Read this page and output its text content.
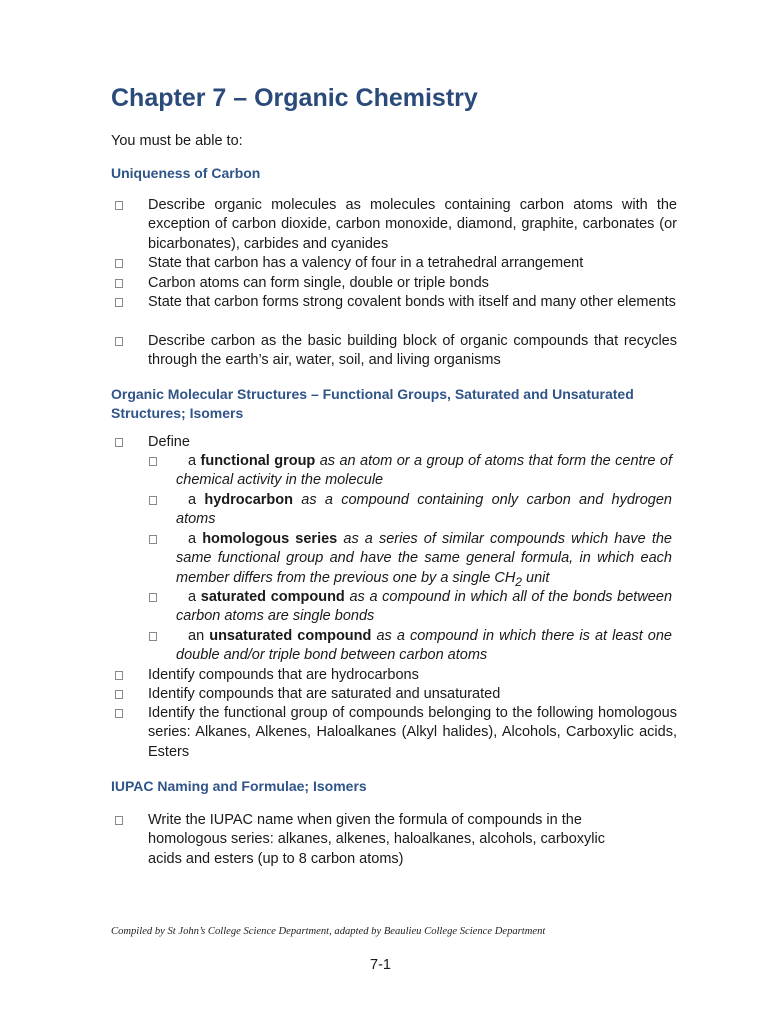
Chapter 7 – Organic Chemistry

You must be able to:

Uniqueness of Carbon
Describe organic molecules as molecules containing carbon atoms with the exception of carbon dioxide, carbon monoxide, diamond, graphite, carbonates (or bicarbonates), carbides and cyanides
State that carbon has a valency of four in a tetrahedral arrangement
Carbon atoms can form single, double or triple bonds
State that carbon forms strong covalent bonds with itself and many other elements
Describe carbon as the basic building block of organic compounds that recycles through the earth’s air, water, soil, and living organisms
Organic Molecular Structures – Functional Groups, Saturated and Unsaturated Structures; Isomers
Define
a functional group as an atom or a group of atoms that form the centre of chemical activity in the molecule
a hydrocarbon as a compound containing only carbon and hydrogen atoms
a homologous series as a series of similar compounds which have the same functional group and have the same general formula, in which each member differs from the previous one by a single $CH_2$ unit
a saturated compound as a compound in which all of the bonds between carbon atoms are single bonds
an unsaturated compound as a compound in which there is at least one double and/or triple bond between carbon atoms
Identify compounds that are hydrocarbons
Identify compounds that are saturated and unsaturated
Identify the functional group of compounds belonging to the following homologous series: Alkanes, Alkenes, Haloalkanes (Alkyl halides), Alcohols, Carboxylic acids, Esters
IUPAC Naming and Formulae; Isomers
Write the IUPAC name when given the formula of compounds in the homologous series: alkanes, alkenes, haloalkanes, alcohols, carboxylic acids and esters (up to 8 carbon atoms)
Compiled by St John’s College Science Department, adapted by Beaulieu College Science Department
7-1
